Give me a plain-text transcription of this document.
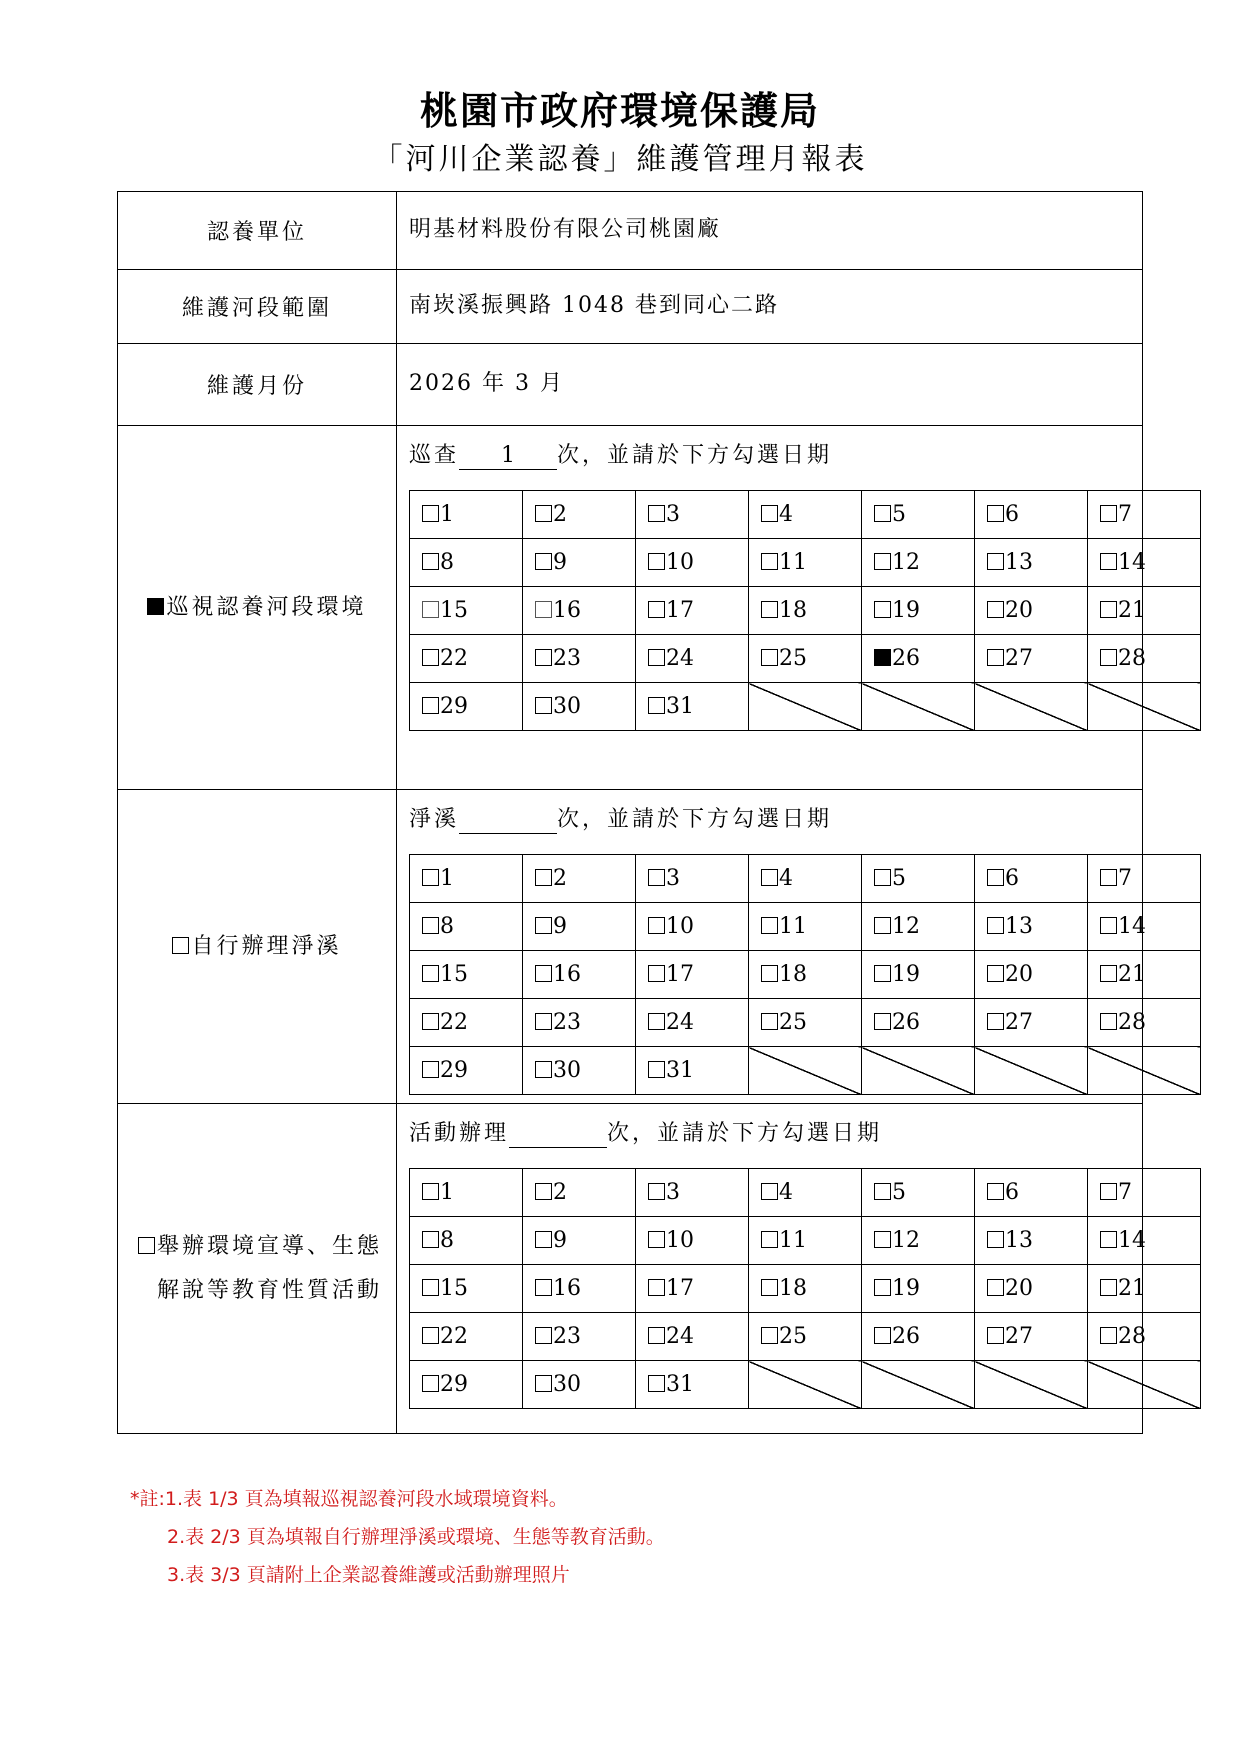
桃園市政府環境保護局
「河川企業認養」維護管理月報表
認養單位	明基材料股份有限公司桃園廠

維護河段範圍	南崁溪振興路 1048 巷到同心二路

維護月份	2026 年 3 月

巡視認養河段環境

巡查 1 次，並請於下方勾選日期
1	2	3	4	5	6	7
8	9	10	11	12	13	14
15	16	17	18	19	20	21
22	23	24	25	26	27	28
29	30	31				

自行辦理淨溪

淨溪	次，並請於下方勾選日期
1	2	3	4	5	6	7
8	9	10	11	12	13	14
15	16	17	18	19	20	21
22	23	24	25	26	27	28
29	30	31				

舉辦環境宣導、生態
解說等教育性質活動

活動辦理	次，並請於下方勾選日期
1	2	3	4	5	6	7
8	9	10	11	12	13	14
15	16	17	18	19	20	21
22	23	24	25	26	27	28
29	30	31				
*註:1.表 1/3 頁為填報巡視認養河段水域環境資料。
2.表 2/3 頁為填報自行辦理淨溪或環境、生態等教育活動。
3.表 3/3 頁請附上企業認養維護或活動辦理照片
